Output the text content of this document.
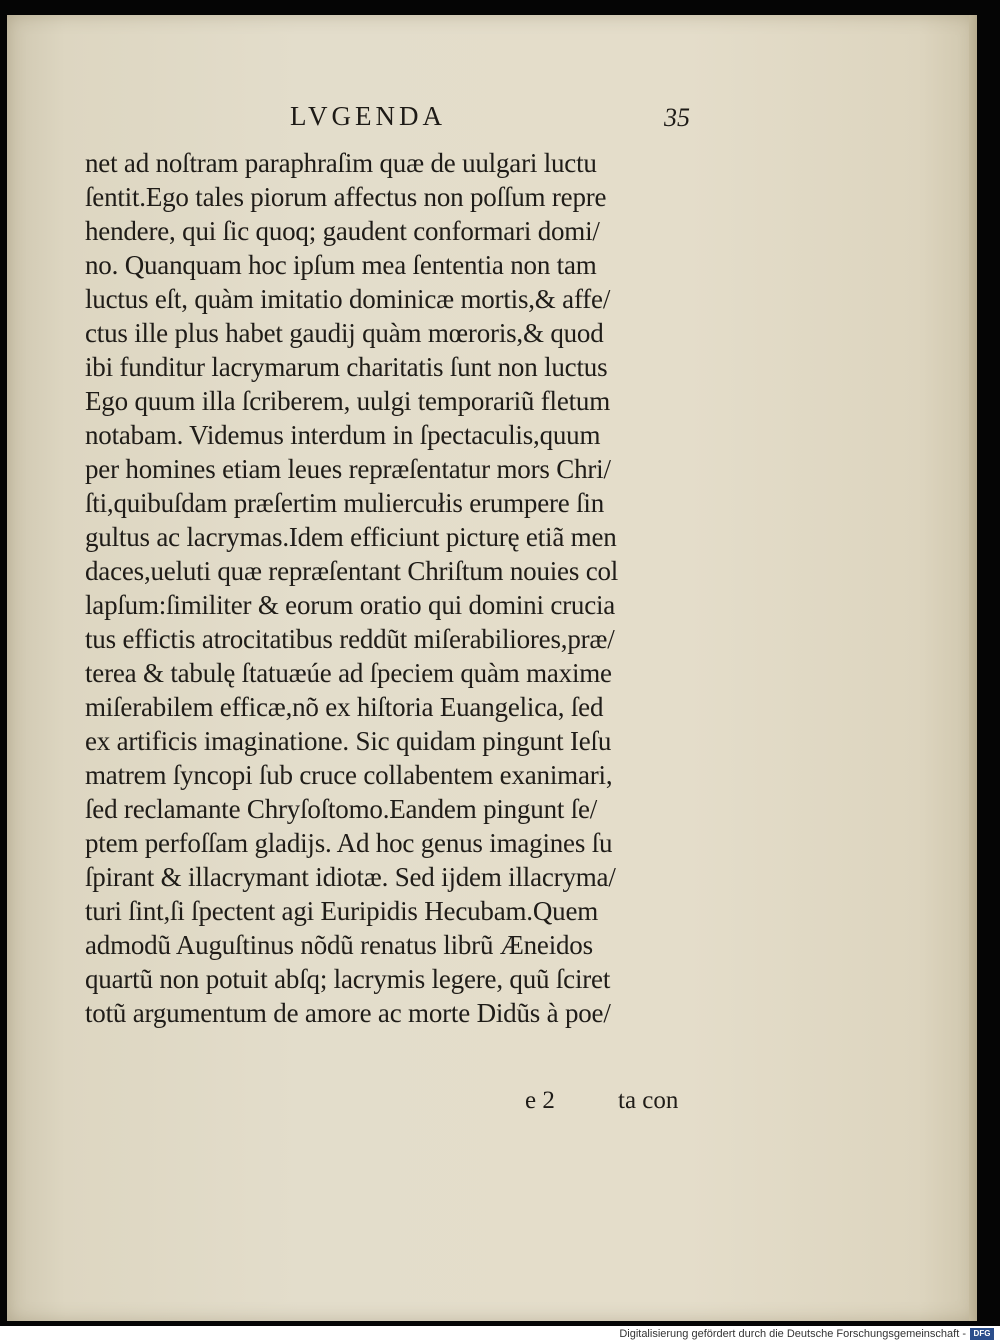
LVGENDA	35
net ad noſtram paraphraſim quæ de uulgari luctu
ſentit.Ego tales piorum affectus non poſſum repre
hendere, qui ſic quoq; gaudent conformari domi/
no. Quanquam hoc ipſum mea ſententia non tam
luctus eſt, quàm imitatio dominicæ mortis,& affe/
ctus ille plus habet gaudij quàm mœroris,& quod
ibi funditur lacrymarum charitatis ſunt non luctus
Ego quum illa ſcriberem, uulgi temporariũ fletum
notabam. Videmus interdum in ſpectaculis,quum
per homines etiam leues repræſentatur mors Chri/
ſti,quibuſdam præſertim muliercułis erumpere ſin
gultus ac lacrymas.Idem efficiunt picturę etiã men
daces,ueluti quæ repræſentant Chriſtum nouies col
lapſum:ſimiliter & eorum oratio qui domini crucia
tus effictis atrocitatibus reddũt miſerabiliores,præ/
terea & tabulę ſtatuæúe ad ſpeciem quàm maxime
miſerabilem efficæ,nõ ex hiſtoria Euangelica, ſed
ex artificis imaginatione. Sic quidam pingunt Ieſu
matrem ſyncopi ſub cruce collabentem exanimari,
ſed reclamante Chryſoſtomo.Eandem pingunt ſe/
ptem perfoſſam gladijs. Ad hoc genus imagines ſu
ſpirant & illacrymant idiotæ. Sed ijdem illacryma/
turi ſint,ſi ſpectent agi Euripidis Hecubam.Quem
admodũ Auguſtinus nõdũ renatus librũ Æneidos
quartũ non potuit abſq; lacrymis legere, quũ ſciret
totũ argumentum de amore ac morte Didũs à poe/
e 2	ta con
Digitalisierung gefördert durch die Deutsche Forschungsgemeinschaft - DFG
